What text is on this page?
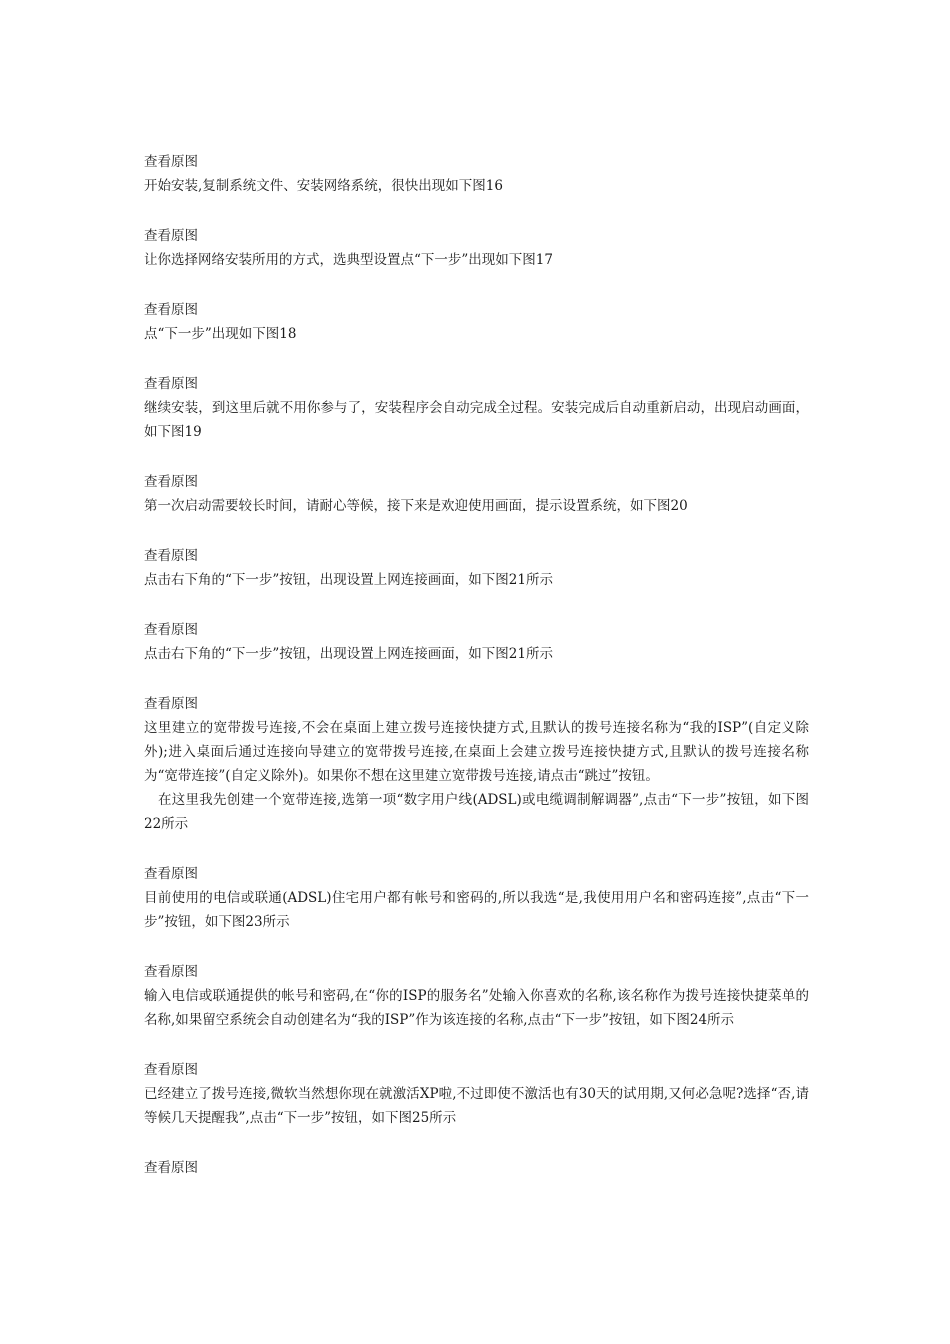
查看原图
开始安装,复制系统文件、安装网络系统，很快出现如下图16
查看原图
让你选择网络安装所用的方式，选典型设置点“下一步”出现如下图17
查看原图
点“下一步”出现如下图18
查看原图
继续安装，到这里后就不用你参与了，安装程序会自动完成全过程。安装完成后自动重新启动，出现启动画面，如下图19
查看原图
第一次启动需要较长时间，请耐心等候，接下来是欢迎使用画面，提示设置系统，如下图20
查看原图
点击右下角的“下一步”按钮，出现设置上网连接画面，如下图21所示
查看原图
点击右下角的“下一步”按钮，出现设置上网连接画面，如下图21所示
查看原图
这里建立的宽带拨号连接,不会在桌面上建立拨号连接快捷方式,且默认的拨号连接名称为“我的ISP”(自定义除外);进入桌面后通过连接向导建立的宽带拨号连接,在桌面上会建立拨号连接快捷方式,且默认的拨号连接名称为“宽带连接”(自定义除外)。如果你不想在这里建立宽带拨号连接,请点击“跳过”按钮。
在这里我先创建一个宽带连接,选第一项“数字用户线(ADSL)或电缆调制解调器”,点击“下一步”按钮，如下图22所示
查看原图
目前使用的电信或联通(ADSL)住宅用户都有帐号和密码的,所以我选“是,我使用用户名和密码连接”,点击“下一步”按钮，如下图23所示
查看原图
输入电信或联通提供的帐号和密码,在“你的ISP的服务名”处输入你喜欢的名称,该名称作为拨号连接快捷菜单的名称,如果留空系统会自动创建名为“我的ISP”作为该连接的名称,点击“下一步”按钮，如下图24所示
查看原图
已经建立了拨号连接,微软当然想你现在就激活XP啦,不过即使不激活也有30天的试用期,又何必急呢?选择“否,请等候几天提醒我”,点击“下一步”按钮，如下图25所示
查看原图
